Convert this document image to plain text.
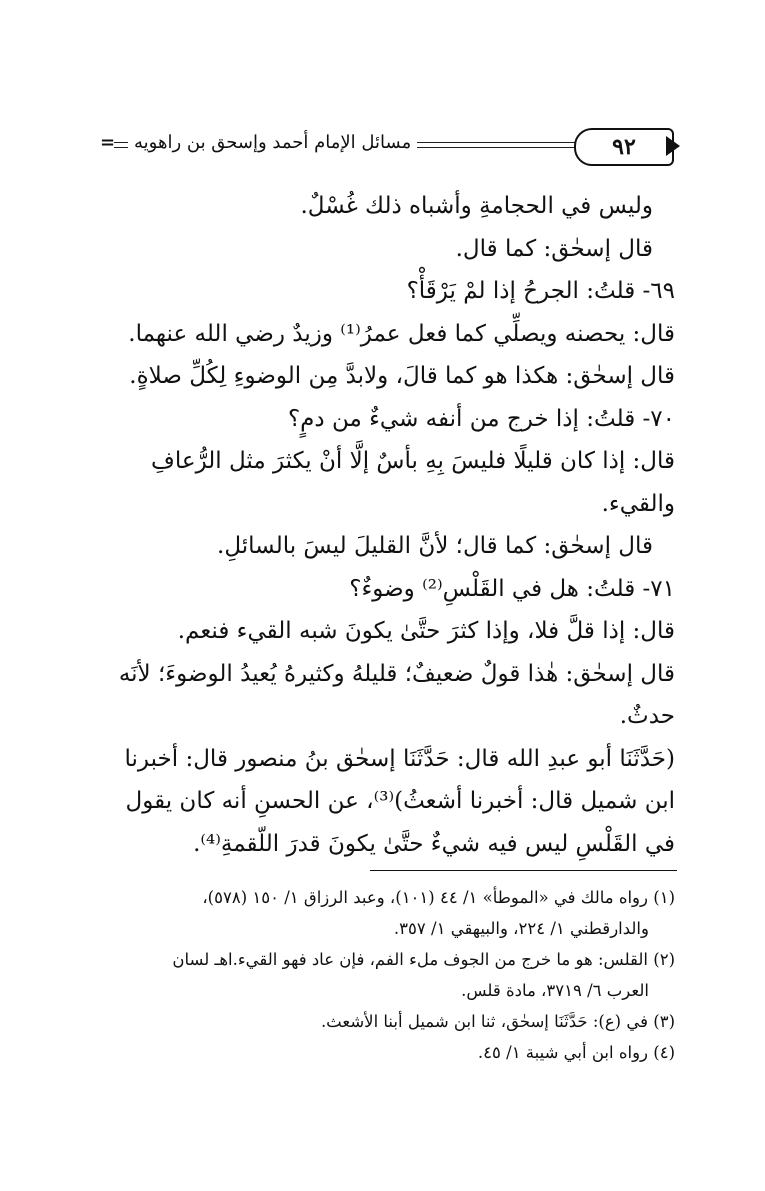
=	مسائل الإمام أحمد وإسحق بن راهويه	٩٢
وليس في الحجامةِ وأشباه ذلك غُسْلٌ.
قال إسحٰق: كما قال.
٦٩- قلتُ: الجرحُ إذا لمْ يَرْقَأْ؟
قال: يحصنه ويصلِّي كما فعل عمرُ⁽¹⁾ وزيدٌ رضي الله عنهما.
قال إسحٰق: هكذا هو كما قالَ، ولابدَّ مِن الوضوءِ لِكُلِّ صلاةٍ.
٧٠- قلتُ: إذا خرج من أنفه شيءٌ من دمٍ؟
قال: إذا كان قليلًا فليسَ بِهِ بأسٌ إلَّا أنْ يكثرَ مثل الرُّعافِ
والقيء.
قال إسحٰق: كما قال؛ لأنَّ القليلَ ليسَ بالسائلِ.
٧١- قلتُ: هل في القَلْسِ⁽²⁾ وضوءٌ؟
قال: إذا قلَّ فلا، وإذا كثرَ حتَّىٰ يكونَ شبه القيء فنعم.
قال إسحٰق: هٰذا قولٌ ضعيفٌ؛ قليلهُ وكثيرهُ يُعيدُ الوضوءَ؛ لأنَه
حدثٌ.
(حَدَّثَنَا أبو عبدِ الله قال: حَدَّثَنَا إسحٰق بنُ منصور قال: أخبرنا
ابن شميل قال: أخبرنا أشعثُ)⁽³⁾، عن الحسنِ أنه كان يقول
في القَلْسِ ليس فيه شيءٌ حتَّىٰ يكونَ قدرَ اللّقمةِ⁽⁴⁾.
(١) رواه مالك في «الموطأ» ١/ ٤٤ (١٠١)، وعبد الرزاق ١/ ١٥٠ (٥٧٨)،
والدارقطني ١/ ٢٢٤، والبيهقي ١/ ٣٥٧.
(٢) القلس: هو ما خرج من الجوف ملء الفم، فإن عاد فهو القيء.اهـ لسان
العرب ٦/ ٣٧١٩، مادة قلس.
(٣) في (ع): حَدَّثَنَا إسحٰق، ثنا ابن شميل أبنا الأشعث.
(٤) رواه ابن أبي شيبة ١/ ٤٥.
